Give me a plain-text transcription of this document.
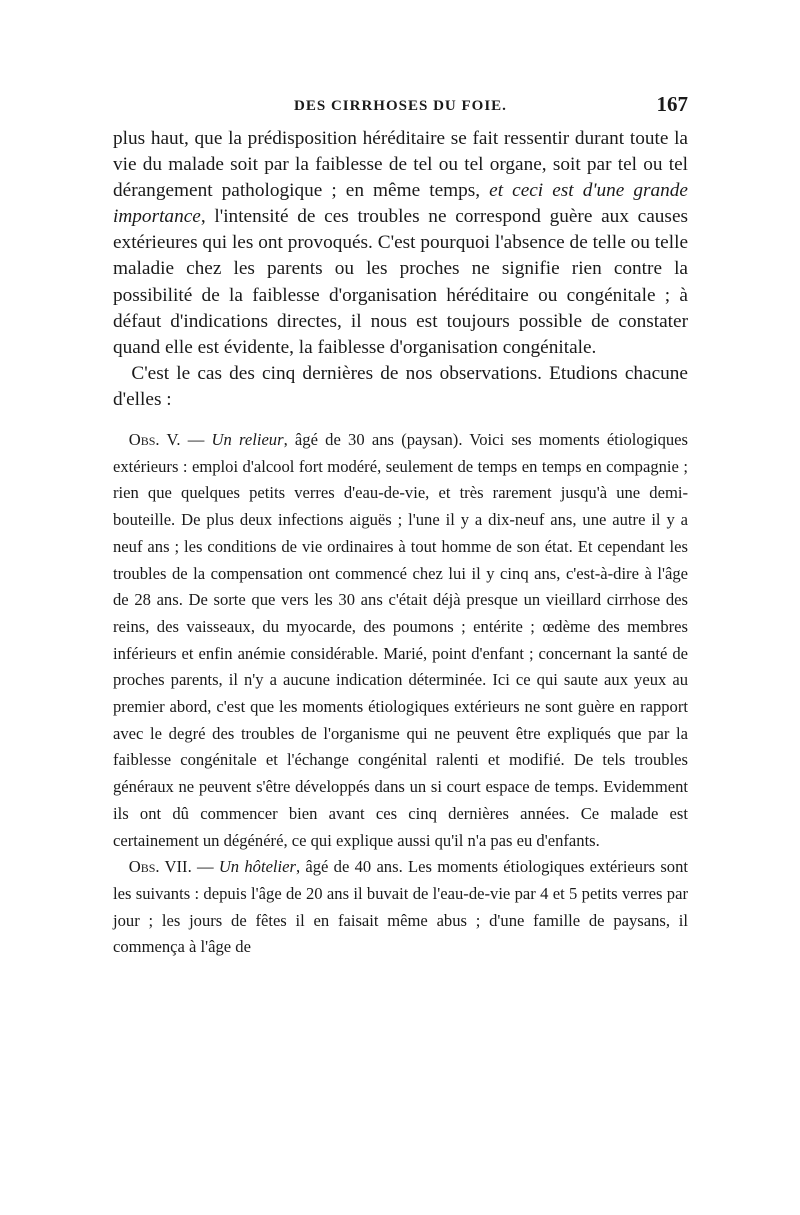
DES CIRRHOSES DU FOIE.	167

plus haut, que la prédisposition héréditaire se fait ressentir durant toute la vie du malade soit par la faiblesse de tel ou tel organe, soit par tel ou tel dérangement pathologique ; en même temps, et ceci est d'une grande importance, l'intensité de ces troubles ne correspond guère aux causes extérieures qui les ont provoqués. C'est pourquoi l'absence de telle ou telle maladie chez les parents ou les proches ne signifie rien contre la possibilité de la faiblesse d'organisation héréditaire ou congénitale ; à défaut d'indications directes, il nous est toujours possible de constater quand elle est évidente, la faiblesse d'organisation congénitale.

C'est le cas des cinq dernières de nos observations. Etudions chacune d'elles :

Obs. V. — Un relieur, âgé de 30 ans (paysan). Voici ses moments étiologiques extérieurs : emploi d'alcool fort modéré, seulement de temps en temps en compagnie ; rien que quelques petits verres d'eau-de-vie, et très rarement jusqu'à une demi-bouteille. De plus deux infections aiguës ; l'une il y a dix-neuf ans, une autre il y a neuf ans ; les conditions de vie ordinaires à tout homme de son état. Et cependant les troubles de la compensation ont commencé chez lui il y cinq ans, c'est-à-dire à l'âge de 28 ans. De sorte que vers les 30 ans c'était déjà presque un vieillard cirrhose des reins, des vaisseaux, du myocarde, des poumons ; entérite ; œdème des membres inférieurs et enfin anémie considérable. Marié, point d'enfant ; concernant la santé de proches parents, il n'y a aucune indication déterminée. Ici ce qui saute aux yeux au premier abord, c'est que les moments étiologiques extérieurs ne sont guère en rapport avec le degré des troubles de l'organisme qui ne peuvent être expliqués que par la faiblesse congénitale et l'échange congénital ralenti et modifié. De tels troubles généraux ne peuvent s'être développés dans un si court espace de temps. Evidemment ils ont dû commencer bien avant ces cinq dernières années. Ce malade est certainement un dégénéré, ce qui explique aussi qu'il n'a pas eu d'enfants.

Obs. VII. — Un hôtelier, âgé de 40 ans. Les moments étiologiques extérieurs sont les suivants : depuis l'âge de 20 ans il buvait de l'eau-de-vie par 4 et 5 petits verres par jour ; les jours de fêtes il en faisait même abus ; d'une famille de paysans, il commença à l'âge de
